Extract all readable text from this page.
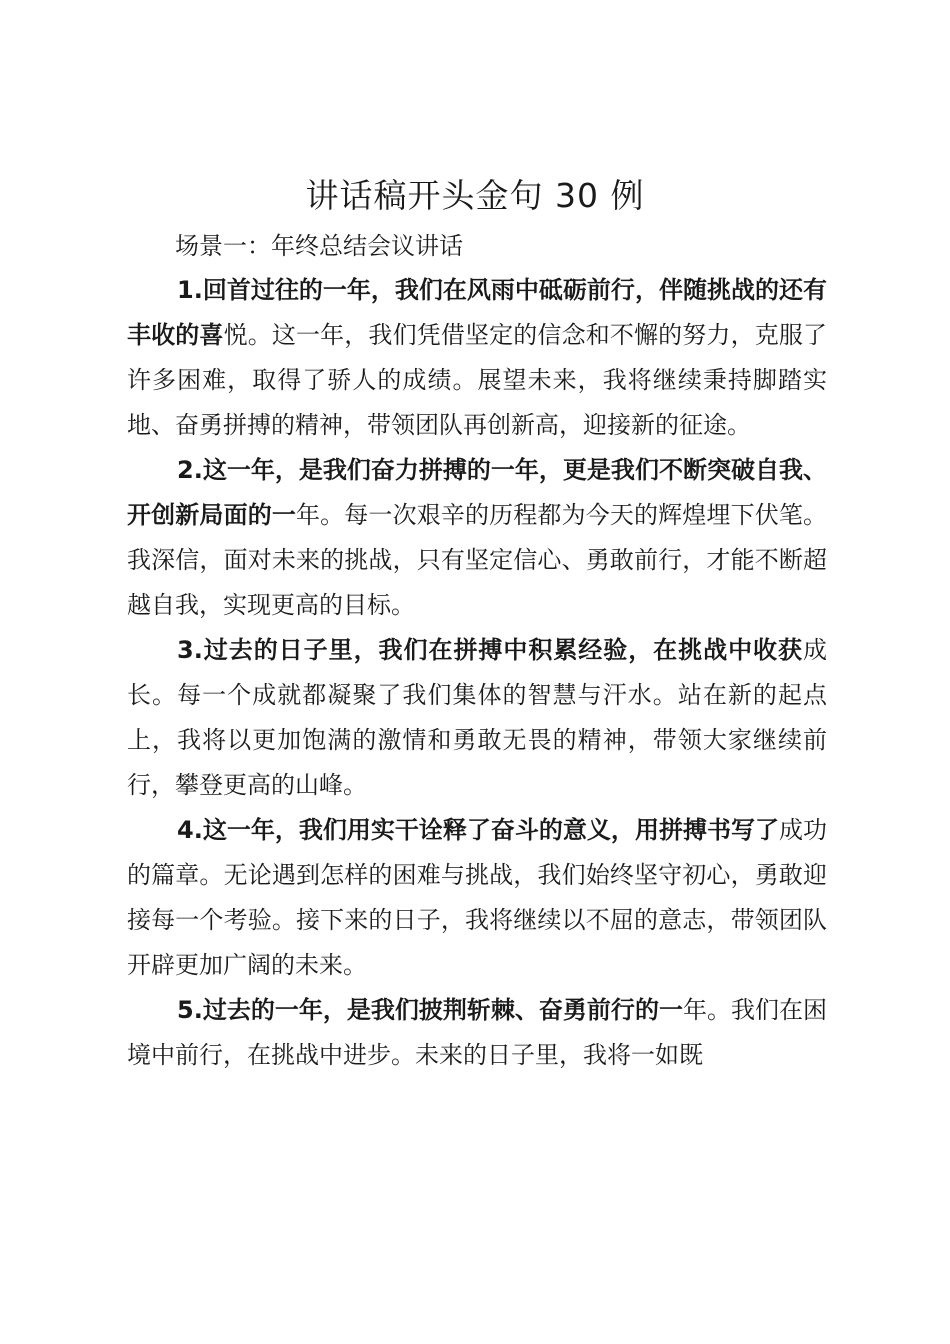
讲话稿开头金句 30 例
场景一：年终总结会议讲话

1.回首过往的一年，我们在风雨中砥砺前行，伴随挑战的还有丰收的喜悦。这一年，我们凭借坚定的信念和不懈的努力，克服了许多困难，取得了骄人的成绩。展望未来，我将继续秉持脚踏实地、奋勇拼搏的精神，带领团队再创新高，迎接新的征途。

2.这一年，是我们奋力拼搏的一年，更是我们不断突破自我、开创新局面的一年。每一次艰辛的历程都为今天的辉煌埋下伏笔。我深信，面对未来的挑战，只有坚定信心、勇敢前行，才能不断超越自我，实现更高的目标。

3.过去的日子里，我们在拼搏中积累经验，在挑战中收获成长。每一个成就都凝聚了我们集体的智慧与汗水。站在新的起点上，我将以更加饱满的激情和勇敢无畏的精神，带领大家继续前行，攀登更高的山峰。

4.这一年，我们用实干诠释了奋斗的意义，用拼搏书写了成功的篇章。无论遇到怎样的困难与挑战，我们始终坚守初心，勇敢迎接每一个考验。接下来的日子，我将继续以不屈的意志，带领团队开辟更加广阔的未来。

5.过去的一年，是我们披荆斩棘、奋勇前行的一年。我们在困境中前行，在挑战中进步。未来的日子里，我将一如既
